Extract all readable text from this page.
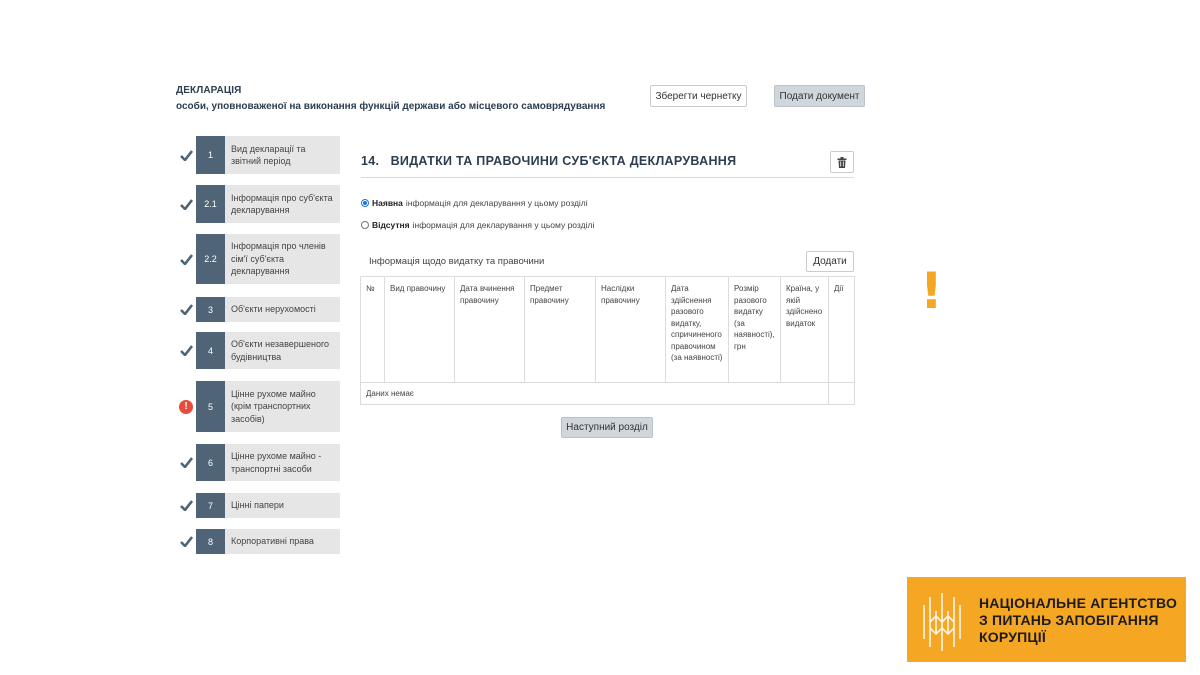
ДЕКЛАРАЦІЯ
особи, уповноваженої на виконання функцій держави або місцевого самоврядування
Зберегти чернетку	Подати документ
1
Вид декларації та звітний період
2.1
Інформація про суб'єкта декларування
2.2
Інформація про членів сім'ї суб'єкта декларування
3	Об'єкти нерухомості
4
Об'єкти незавершеного будівництва
!	5
Цінне рухоме майно (крім транспортних засобів)
6
Цінне рухоме майно - транспортні засоби
7	Цінні папери
8	Корпоративні права
14. ВИДАТКИ ТА ПРАВОЧИНИ СУБ'ЄКТА ДЕКЛАРУВАННЯ
Наявна інформація для декларування у цьому розділі
Відсутня інформація для декларування у цьому розділі
Інформація щодо видатку та правочини	Додати
№	Вид правочину	Дата вчинення правочину	Предмет правочину	Наслідки правочину	Дата здійснення разового видатку, спричиненого правочином (за наявності)	Розмір разового видатку (за наявності), грн	Країна, у якій здійснено видаток	Дії
Даних немає								
Наступний розділ
!
НАЦІОНАЛЬНЕ АГЕНТСТВО
З ПИТАНЬ ЗАПОБІГАННЯ
КОРУПЦІЇ
